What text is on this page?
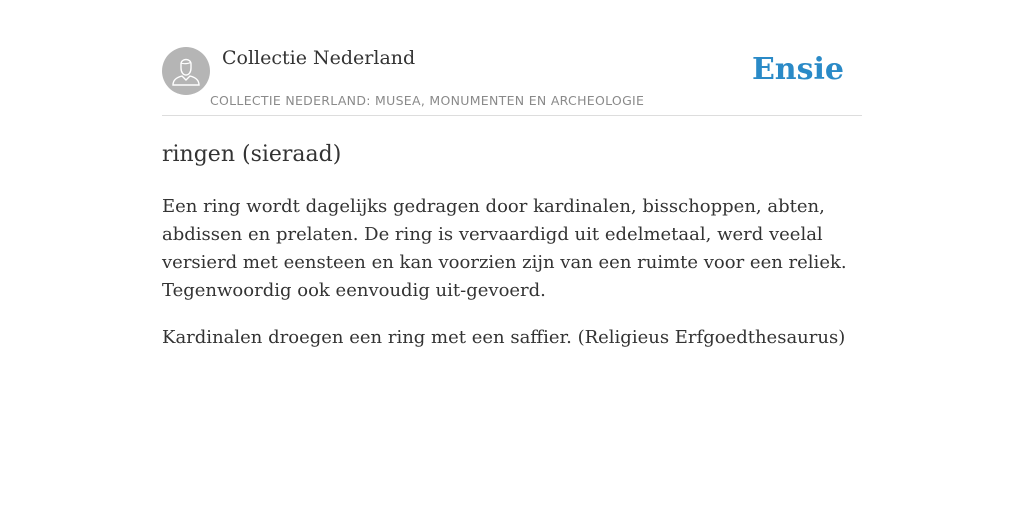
Collectie Nederland
COLLECTIE NEDERLAND: MUSEA, MONUMENTEN EN ARCHEOLOGIE
Ensie
ringen (sieraad)

Een ring wordt dagelijks gedragen door kardinalen, bisschoppen, abten, abdissen en prelaten. De ring is vervaardigd uit edelmetaal, werd veelal versierd met eensteen en kan voorzien zijn van een ruimte voor een reliek. Tegenwoordig ook eenvoudig uit-gevoerd.

Kardinalen droegen een ring met een saffier. (Religieus Erfgoedthesaurus)
